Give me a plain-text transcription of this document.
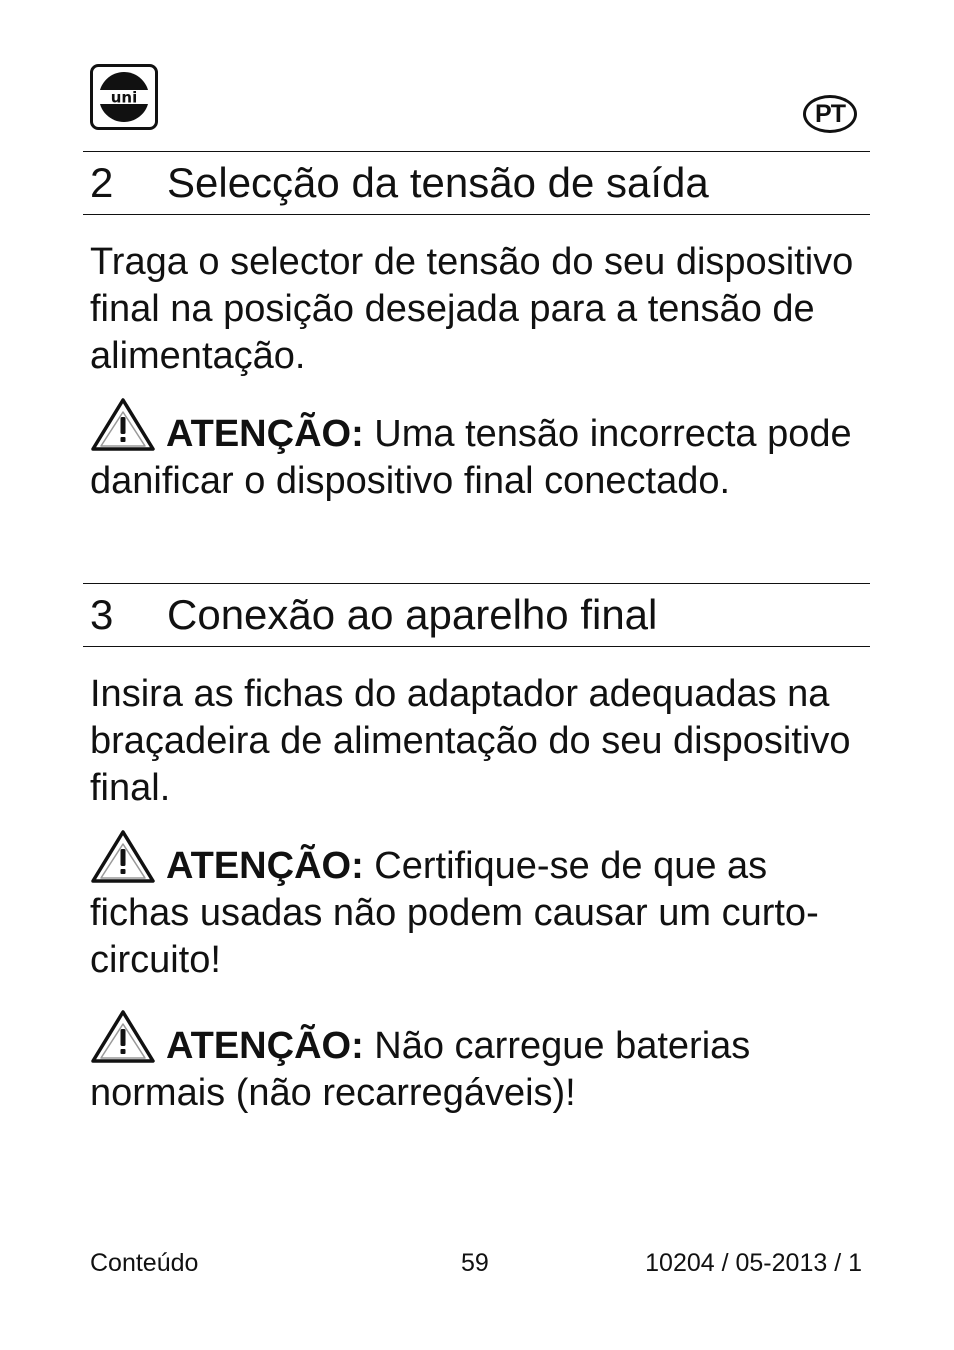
uni
PT
2 Selecção da tensão de saída

Traga o selector de tensão do seu dispositivo final na posição desejada para a tensão de alimentação.

ATENÇÃO: Uma tensão incorrecta pode danificar o dispositivo final conectado.

3 Conexão ao aparelho final

Insira as fichas do adaptador adequadas na braçadeira de alimentação do seu dispositivo final.

ATENÇÃO: Certifique-se de que as fichas usadas não podem causar um curto-circuito!

ATENÇÃO: Não carregue baterias normais (não recarregáveis)!

Conteúdo	59	10204 / 05-2013 / 1
